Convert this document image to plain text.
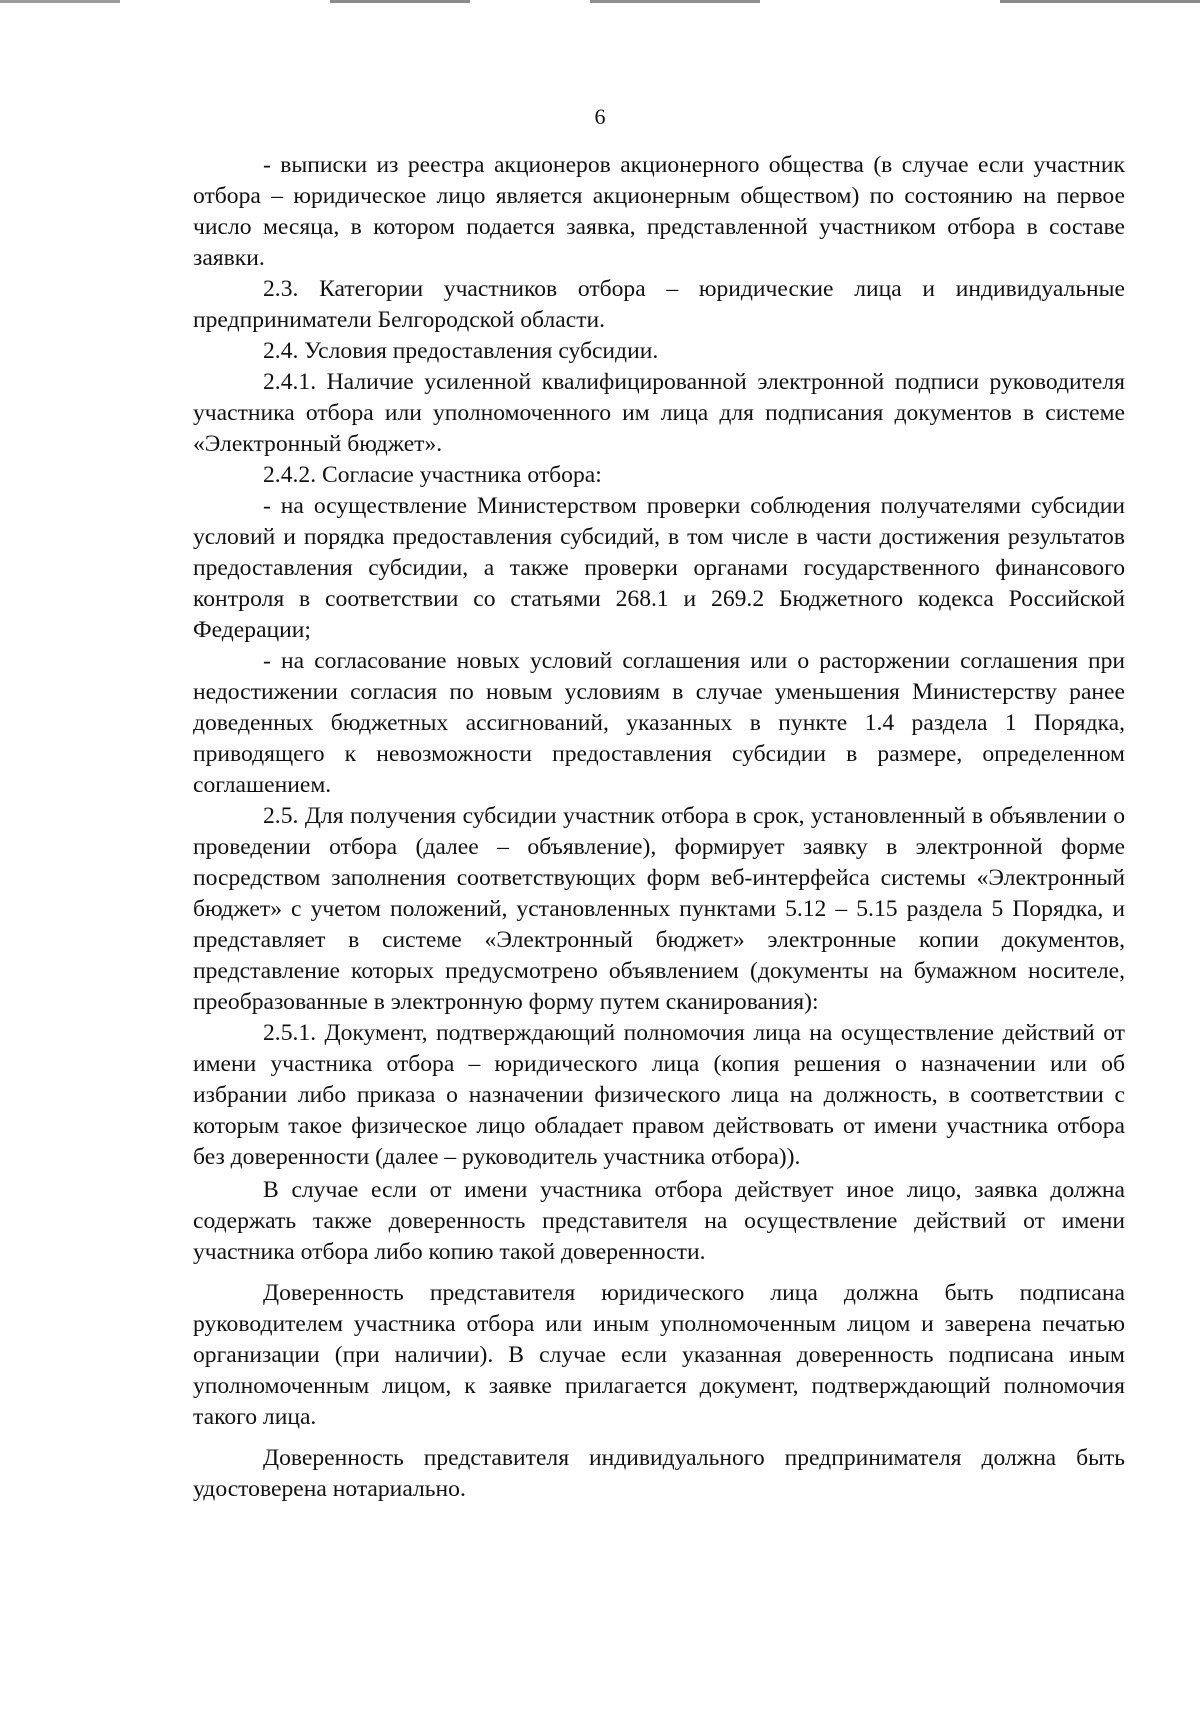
6

- выписки из реестра акционеров акционерного общества (в случае если участник отбора – юридическое лицо является акционерным обществом) по состоянию на первое число месяца, в котором подается заявка, представленной участником отбора в составе заявки.

2.3. Категории участников отбора – юридические лица и индивидуальные предприниматели Белгородской области.

2.4. Условия предоставления субсидии.

2.4.1. Наличие усиленной квалифицированной электронной подписи руководителя участника отбора или уполномоченного им лица для подписания документов в системе «Электронный бюджет».

2.4.2. Согласие участника отбора:

- на осуществление Министерством проверки соблюдения получателями субсидии условий и порядка предоставления субсидий, в том числе в части достижения результатов предоставления субсидии, а также проверки органами государственного финансового контроля в соответствии со статьями 268.1 и 269.2 Бюджетного кодекса Российской Федерации;

- на согласование новых условий соглашения или о расторжении соглашения при недостижении согласия по новым условиям в случае уменьшения Министерству ранее доведенных бюджетных ассигнований, указанных в пункте 1.4 раздела 1 Порядка, приводящего к невозможности предоставления субсидии в размере, определенном соглашением.

2.5. Для получения субсидии участник отбора в срок, установленный в объявлении о проведении отбора (далее – объявление), формирует заявку в электронной форме посредством заполнения соответствующих форм веб-интерфейса системы «Электронный бюджет» с учетом положений, установленных пунктами 5.12 – 5.15 раздела 5 Порядка, и представляет в системе «Электронный бюджет» электронные копии документов, представление которых предусмотрено объявлением (документы на бумажном носителе, преобразованные в электронную форму путем сканирования):

2.5.1. Документ, подтверждающий полномочия лица на осуществление действий от имени участника отбора – юридического лица (копия решения о назначении или об избрании либо приказа о назначении физического лица на должность, в соответствии с которым такое физическое лицо обладает правом действовать от имени участника отбора без доверенности (далее – руководитель участника отбора)).

В случае если от имени участника отбора действует иное лицо, заявка должна содержать также доверенность представителя на осуществление действий от имени участника отбора либо копию такой доверенности.

Доверенность представителя юридического лица должна быть подписана руководителем участника отбора или иным уполномоченным лицом и заверена печатью организации (при наличии). В случае если указанная доверенность подписана иным уполномоченным лицом, к заявке прилагается документ, подтверждающий полномочия такого лица.

Доверенность представителя индивидуального предпринимателя должна быть удостоверена нотариально.
